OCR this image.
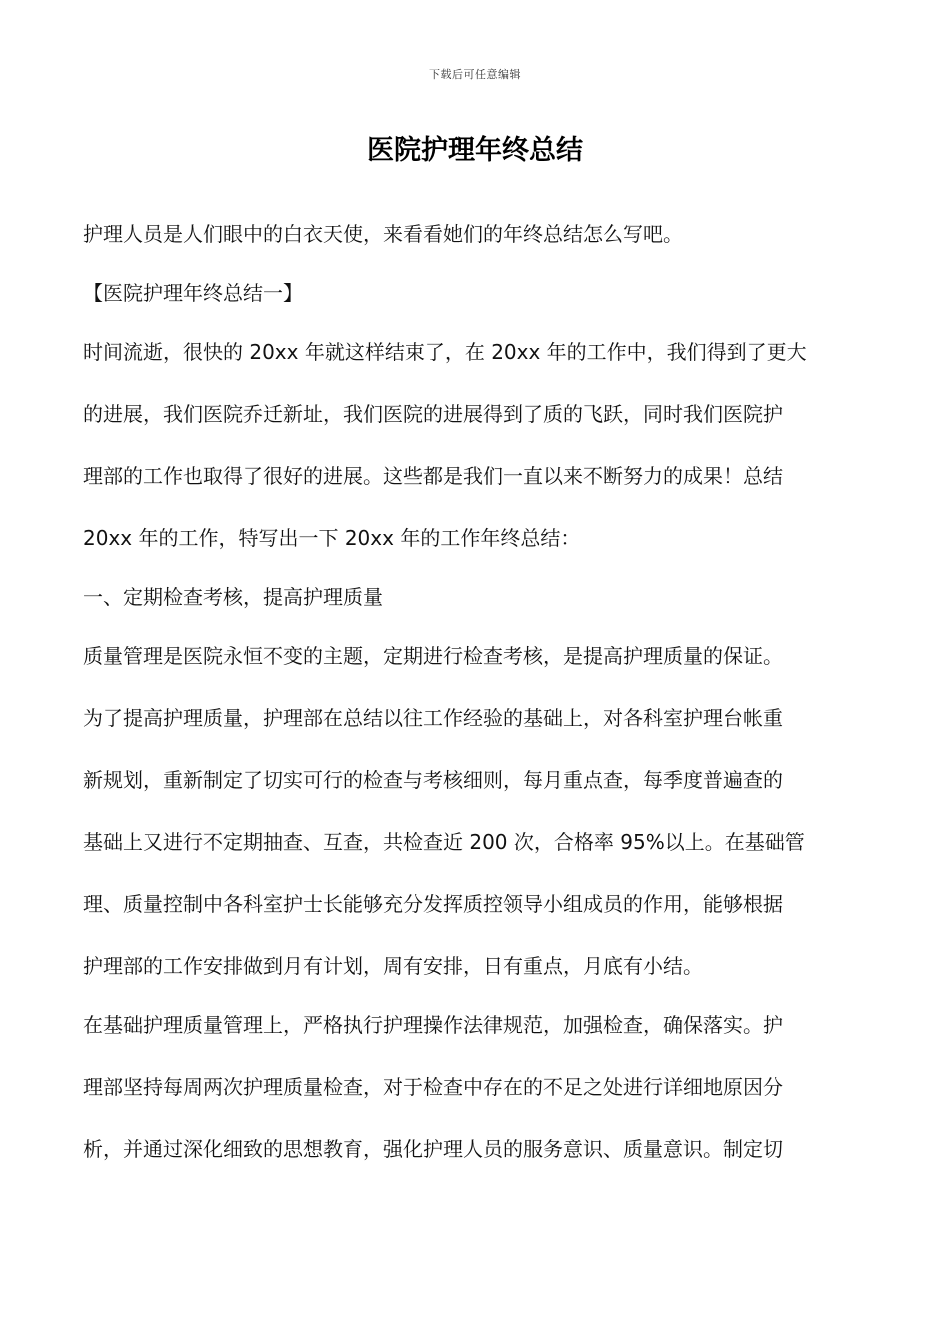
下载后可任意编辑
医院护理年终总结
护理人员是人们眼中的白衣天使，来看看她们的年终总结怎么写吧。
【医院护理年终总结一】
时间流逝，很快的 20xx 年就这样结束了，在 20xx 年的工作中，我们得到了更大
的进展，我们医院乔迁新址，我们医院的进展得到了质的飞跃，同时我们医院护
理部的工作也取得了很好的进展。这些都是我们一直以来不断努力的成果！总结
20xx 年的工作，特写出一下 20xx 年的工作年终总结：
一、定期检查考核，提高护理质量
质量管理是医院永恒不变的主题，定期进行检查考核，是提高护理质量的保证。
为了提高护理质量，护理部在总结以往工作经验的基础上，对各科室护理台帐重
新规划，重新制定了切实可行的检查与考核细则，每月重点查，每季度普遍查的
基础上又进行不定期抽查、互查，共检查近 200 次，合格率 95%以上。在基础管
理、质量控制中各科室护士长能够充分发挥质控领导小组成员的作用，能够根据
护理部的工作安排做到月有计划，周有安排，日有重点，月底有小结。
在基础护理质量管理上，严格执行护理操作法律规范，加强检查，确保落实。护
理部坚持每周两次护理质量检查，对于检查中存在的不足之处进行详细地原因分
析，并通过深化细致的思想教育，强化护理人员的服务意识、质量意识。制定切
